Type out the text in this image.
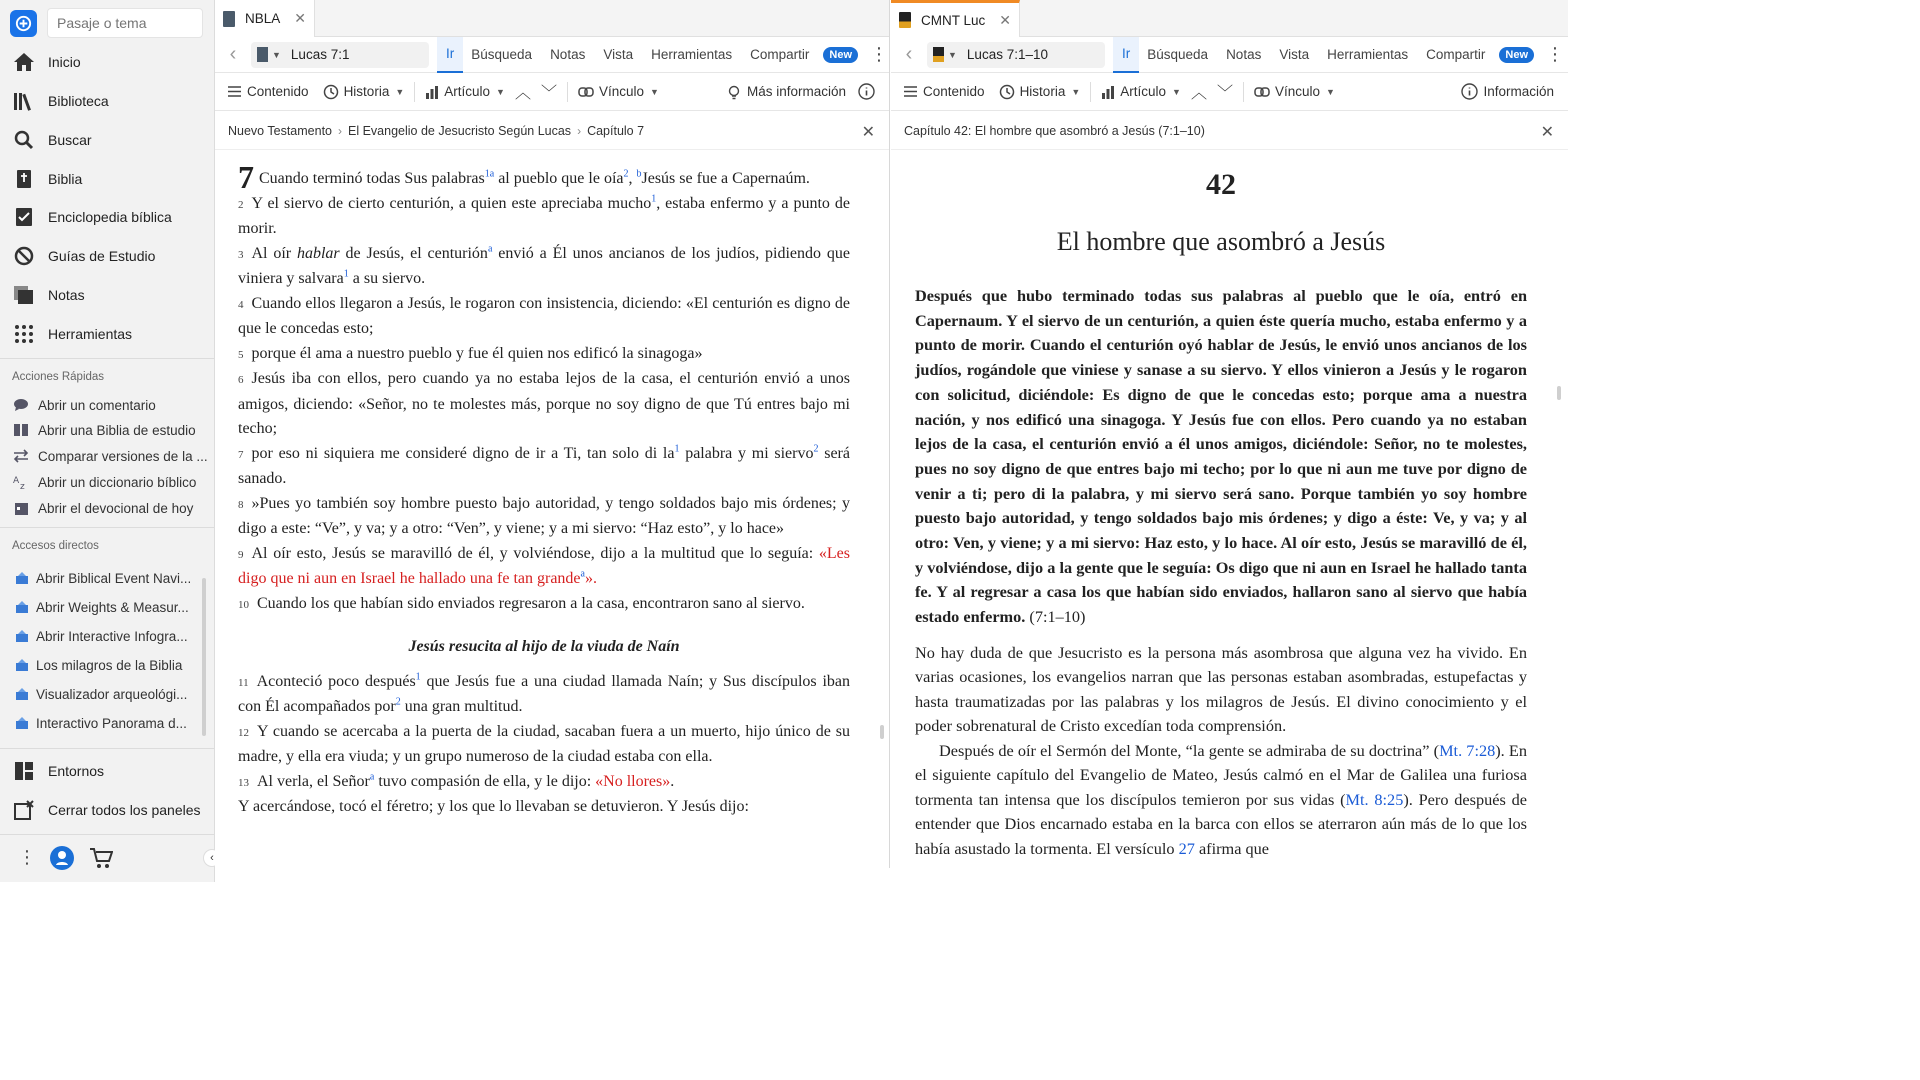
Pasaje o tema
Inicio
Biblioteca
Buscar
Biblia
Enciclopedia bíblica
Guías de Estudio
Notas
Herramientas
Acciones Rápidas
Abrir un comentario
Abrir una Biblia de estudio
Comparar versiones de la ...
A
z Abrir un diccionario bíblico
Abrir el devocional de hoy
Accesos directos
Abrir Biblical Event Navi...
Abrir Weights & Measur...
Abrir Interactive Infogra...
Los milagros de la Biblia
Visualizador arqueológi...
Interactivo Panorama d...
Entornos
Cerrar todos los paneles
⋮	‹
NBLA ✕
‹	▼ Lucas 7:1	Ir	Búsqueda	Notas	Vista	Herramientas	Compartir	New	⋮
Contenido	Historia ▼	Artículo ▼ ︿ ﹀	Vínculo ▼	Más información
Nuevo Testamento › El Evangelio de Jesucristo Según Lucas › Capítulo 7	✕

7 Cuando terminó todas Sus palabras$^{1a}$ al pueblo que le oía$^2$, $^b$Jesús se fue a Capernaúm.

2 Y el siervo de cierto centurión, a quien este apreciaba mucho$^1$, estaba enfermo y a punto de morir.

3 Al oír hablar de Jesús, el centurión$^a$ envió a Él unos ancianos de los judíos, pidiendo que viniera y salvara$^1$ a su siervo.

4 Cuando ellos llegaron a Jesús, le rogaron con insistencia, diciendo: «El centurión es digno de que le concedas esto;

5 porque él ama a nuestro pueblo y fue él quien nos edificó la sinagoga»

6 Jesús iba con ellos, pero cuando ya no estaba lejos de la casa, el centurión envió a unos amigos, diciendo: «Señor, no te molestes más, porque no soy digno de que Tú entres bajo mi techo;

7 por eso ni siquiera me consideré digno de ir a Ti, tan solo di $la^1$ palabra y mi siervo$^2$ será sanado.

8 »Pues yo también soy hombre puesto bajo autoridad, y tengo soldados bajo mis órdenes; y digo a este: “Ve”, y va; y a otro: “Ven”, y viene; y a mi siervo: “Haz esto”, y lo hace»

9 Al oír esto, Jesús se maravilló de él, y volviéndose, dijo a la multitud que lo seguía: «Les digo que ni aun en Israel he hallado una fe tan grande$^a$».

10 Cuando los que habían sido enviados regresaron a la casa, encontraron sano al siervo.

Jesús resucita al hijo de la viuda de Naín

11 Aconteció poco después$^1$ que Jesús fue a una ciudad llamada Naín; y Sus discípulos iban con Él acompañados por$^2$ una gran multitud.

12 Y cuando se acercaba a la puerta de la ciudad, sacaban fuera a un muerto, hijo único de su madre, y ella era viuda; y un grupo numeroso de la ciudad estaba con ella.

13 Al verla, el Señor$^a$ tuvo compasión de ella, y le dijo: «No llores».

Y acercándose, tocó el féretro; y los que lo llevaban se detuvieron. Y Jesús dijo:

CMNT Luc ✕
‹	▼ Lucas 7:1–10	Ir	Búsqueda	Notas	Vista	Herramientas	Compartir	New	⋮
Contenido	Historia ▼	Artículo ▼ ︿ ﹀	Vínculo ▼	Información
Capítulo 42: El hombre que asombró a Jesús (7:1–10)	✕
42
El hombre que asombró a Jesús

Después que hubo terminado todas sus palabras al pueblo que le oía, entró en Capernaum. Y el siervo de un centurión, a quien éste quería mucho, estaba enfermo y a punto de morir. Cuando el centurión oyó hablar de Jesús, le envió unos ancianos de los judíos, rogándole que viniese y sanase a su siervo. Y ellos vinieron a Jesús y le rogaron con solicitud, diciéndole: Es digno de que le concedas esto; porque ama a nuestra nación, y nos edificó una sinagoga. Y Jesús fue con ellos. Pero cuando ya no estaban lejos de la casa, el centurión envió a él unos amigos, diciéndole: Señor, no te molestes, pues no soy digno de que entres bajo mi techo; por lo que ni aun me tuve por digno de venir a ti; pero di la palabra, y mi siervo será sano. Porque también yo soy hombre puesto bajo autoridad, y tengo soldados bajo mis órdenes; y digo a éste: Ve, y va; y al otro: Ven, y viene; y a mi siervo: Haz esto, y lo hace. Al oír esto, Jesús se maravilló de él, y volviéndose, dijo a la gente que le seguía: Os digo que ni aun en Israel he hallado tanta fe. Y al regresar a casa los que habían sido enviados, hallaron sano al siervo que había estado enfermo. (7:1–10)

No hay duda de que Jesucristo es la persona más asombrosa que alguna vez ha vivido. En varias ocasiones, los evangelios narran que las personas estaban asombradas, estupefactas y hasta traumatizadas por las palabras y los milagros de Jesús. El divino conocimiento y el poder sobrenatural de Cristo excedían toda comprensión.

Después de oír el Sermón del Monte, “la gente se admiraba de su doctrina” (Mt. 7:28). En el siguiente capítulo del Evangelio de Mateo, Jesús calmó en el Mar de Galilea una furiosa tormenta tan intensa que los discípulos temieron por sus vidas (Mt. 8:25). Pero después de entender que Dios encarnado estaba en la barca con ellos se aterraron aún más de lo que los había asustado la tormenta. El versículo 27 afirma que
